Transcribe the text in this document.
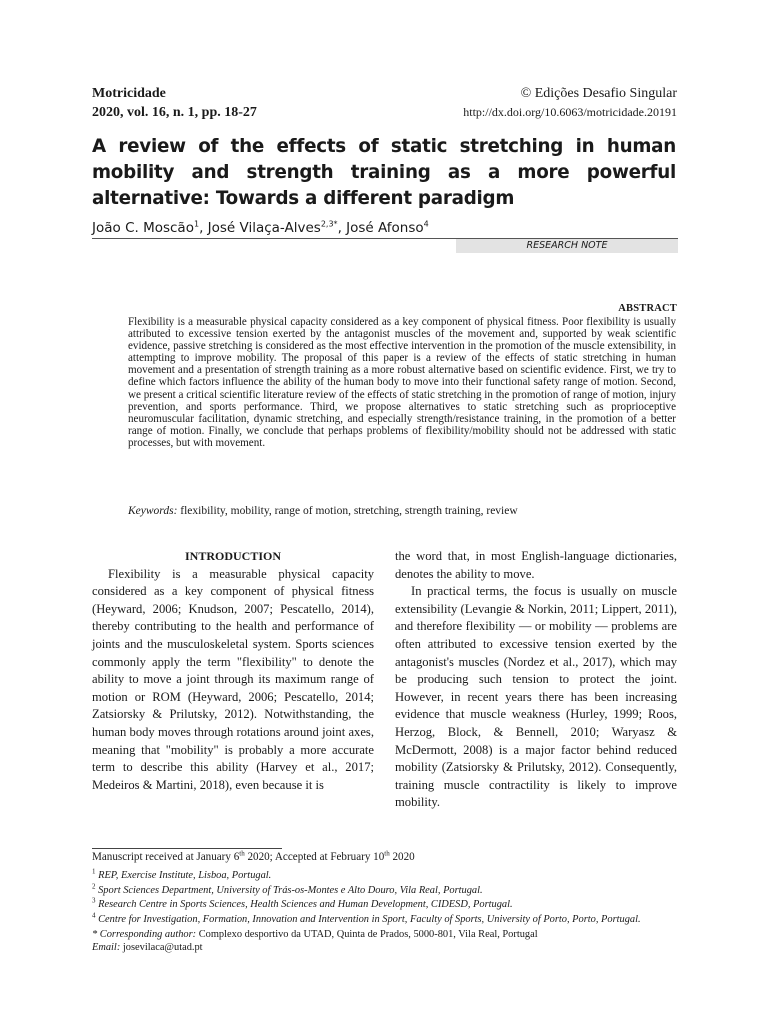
Motricidade
2020, vol. 16, n. 1, pp. 18-27
© Edições Desafio Singular
http://dx.doi.org/10.6063/motricidade.20191
A review of the effects of static stretching in human mobility and strength training as a more powerful alternative: Towards a different paradigm
João C. Moscão$^1$, José Vilaça-Alves$^{2,3*}$, José Afonso$^4$
RESEARCH NOTE
ABSTRACT
Flexibility is a measurable physical capacity considered as a key component of physical fitness. Poor flexibility is usually attributed to excessive tension exerted by the antagonist muscles of the movement and, supported by weak scientific evidence, passive stretching is considered as the most effective intervention in the promotion of the muscle extensibility, in attempting to improve mobility. The proposal of this paper is a review of the effects of static stretching in human movement and a presentation of strength training as a more robust alternative based on scientific evidence. First, we try to define which factors influence the ability of the human body to move into their functional safety range of motion. Second, we present a critical scientific literature review of the effects of static stretching in the promotion of range of motion, injury prevention, and sports performance. Third, we propose alternatives to static stretching such as proprioceptive neuromuscular facilitation, dynamic stretching, and especially strength/resistance training, in the promotion of a better range of motion. Finally, we conclude that perhaps problems of flexibility/mobility should not be addressed with static processes, but with movement.
Keywords: flexibility, mobility, range of motion, stretching, strength training, review

INTRODUCTION

Flexibility is a measurable physical capacity considered as a key component of physical fitness (Heyward, 2006; Knudson, 2007; Pescatello, 2014), thereby contributing to the health and performance of joints and the musculoskeletal system. Sports sciences commonly apply the term "flexibility" to denote the ability to move a joint through its maximum range of motion or ROM (Heyward, 2006; Pescatello, 2014; Zatsiorsky & Prilutsky, 2012). Notwithstanding, the human body moves through rotations around joint axes, meaning that "mobility" is probably a more accurate term to describe this ability (Harvey et al., 2017; Medeiros & Martini, 2018), even because it is

the word that, in most English-language dictionaries, denotes the ability to move.

In practical terms, the focus is usually on muscle extensibility (Levangie & Norkin, 2011; Lippert, 2011), and therefore flexibility — or mobility — problems are often attributed to excessive tension exerted by the antagonist's muscles (Nordez et al., 2017), which may be producing such tension to protect the joint. However, in recent years there has been increasing evidence that muscle weakness (Hurley, 1999; Roos, Herzog, Block, & Bennell, 2010; Waryasz & McDermott, 2008) is a major factor behind reduced mobility (Zatsiorsky & Prilutsky, 2012). Consequently, training muscle contractility is likely to improve mobility.

Manuscript received at January 6th 2020; Accepted at February 10th 2020

$^1$ REP, Exercise Institute, Lisboa, Portugal.

$^2$ Sport Sciences Department, University of Trás-os-Montes e Alto Douro, Vila Real, Portugal.

$^3$ Research Centre in Sports Sciences, Health Sciences and Human Development, CIDESD, Portugal.

$^4$ Centre for Investigation, Formation, Innovation and Intervention in Sport, Faculty of Sports, University of Porto, Porto, Portugal.

* Corresponding author: Complexo desportivo da UTAD, Quinta de Prados, 5000-801, Vila Real, Portugal

Email: josevilaca@utad.pt
